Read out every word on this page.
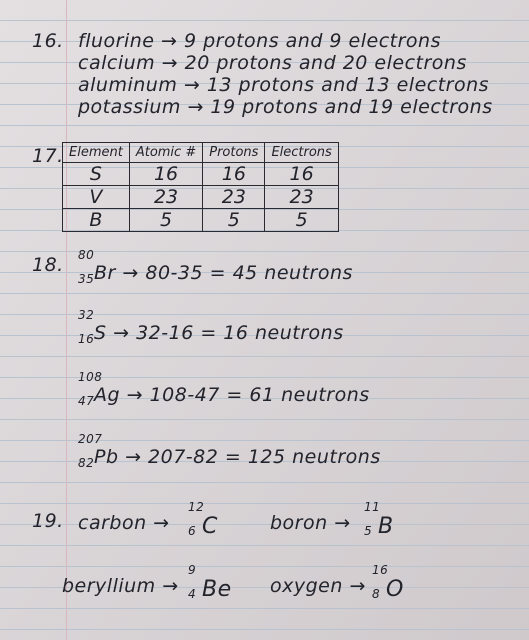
16. fluorine → 9 protons and 9 electrons
calcium → 20 protons and 20 electrons
aluminum → 13 protons and 13 electrons
potassium → 19 protons and 19 electrons
17. Element	Atomic #	Protons	Electrons
S	16	16	16
V	23	23	23
B	5	5	5
18. 80
35 Br → 80-35 = 45 neutrons
32
16 S → 32-16 = 16 neutrons
108
47 Ag → 108-47 = 61 neutrons
207
82 Pb → 207-82 = 125 neutrons
19. carbon →
12
6 C	boron →
11
5 B
beryllium →
9
4 Be oxygen →
16
8 O
